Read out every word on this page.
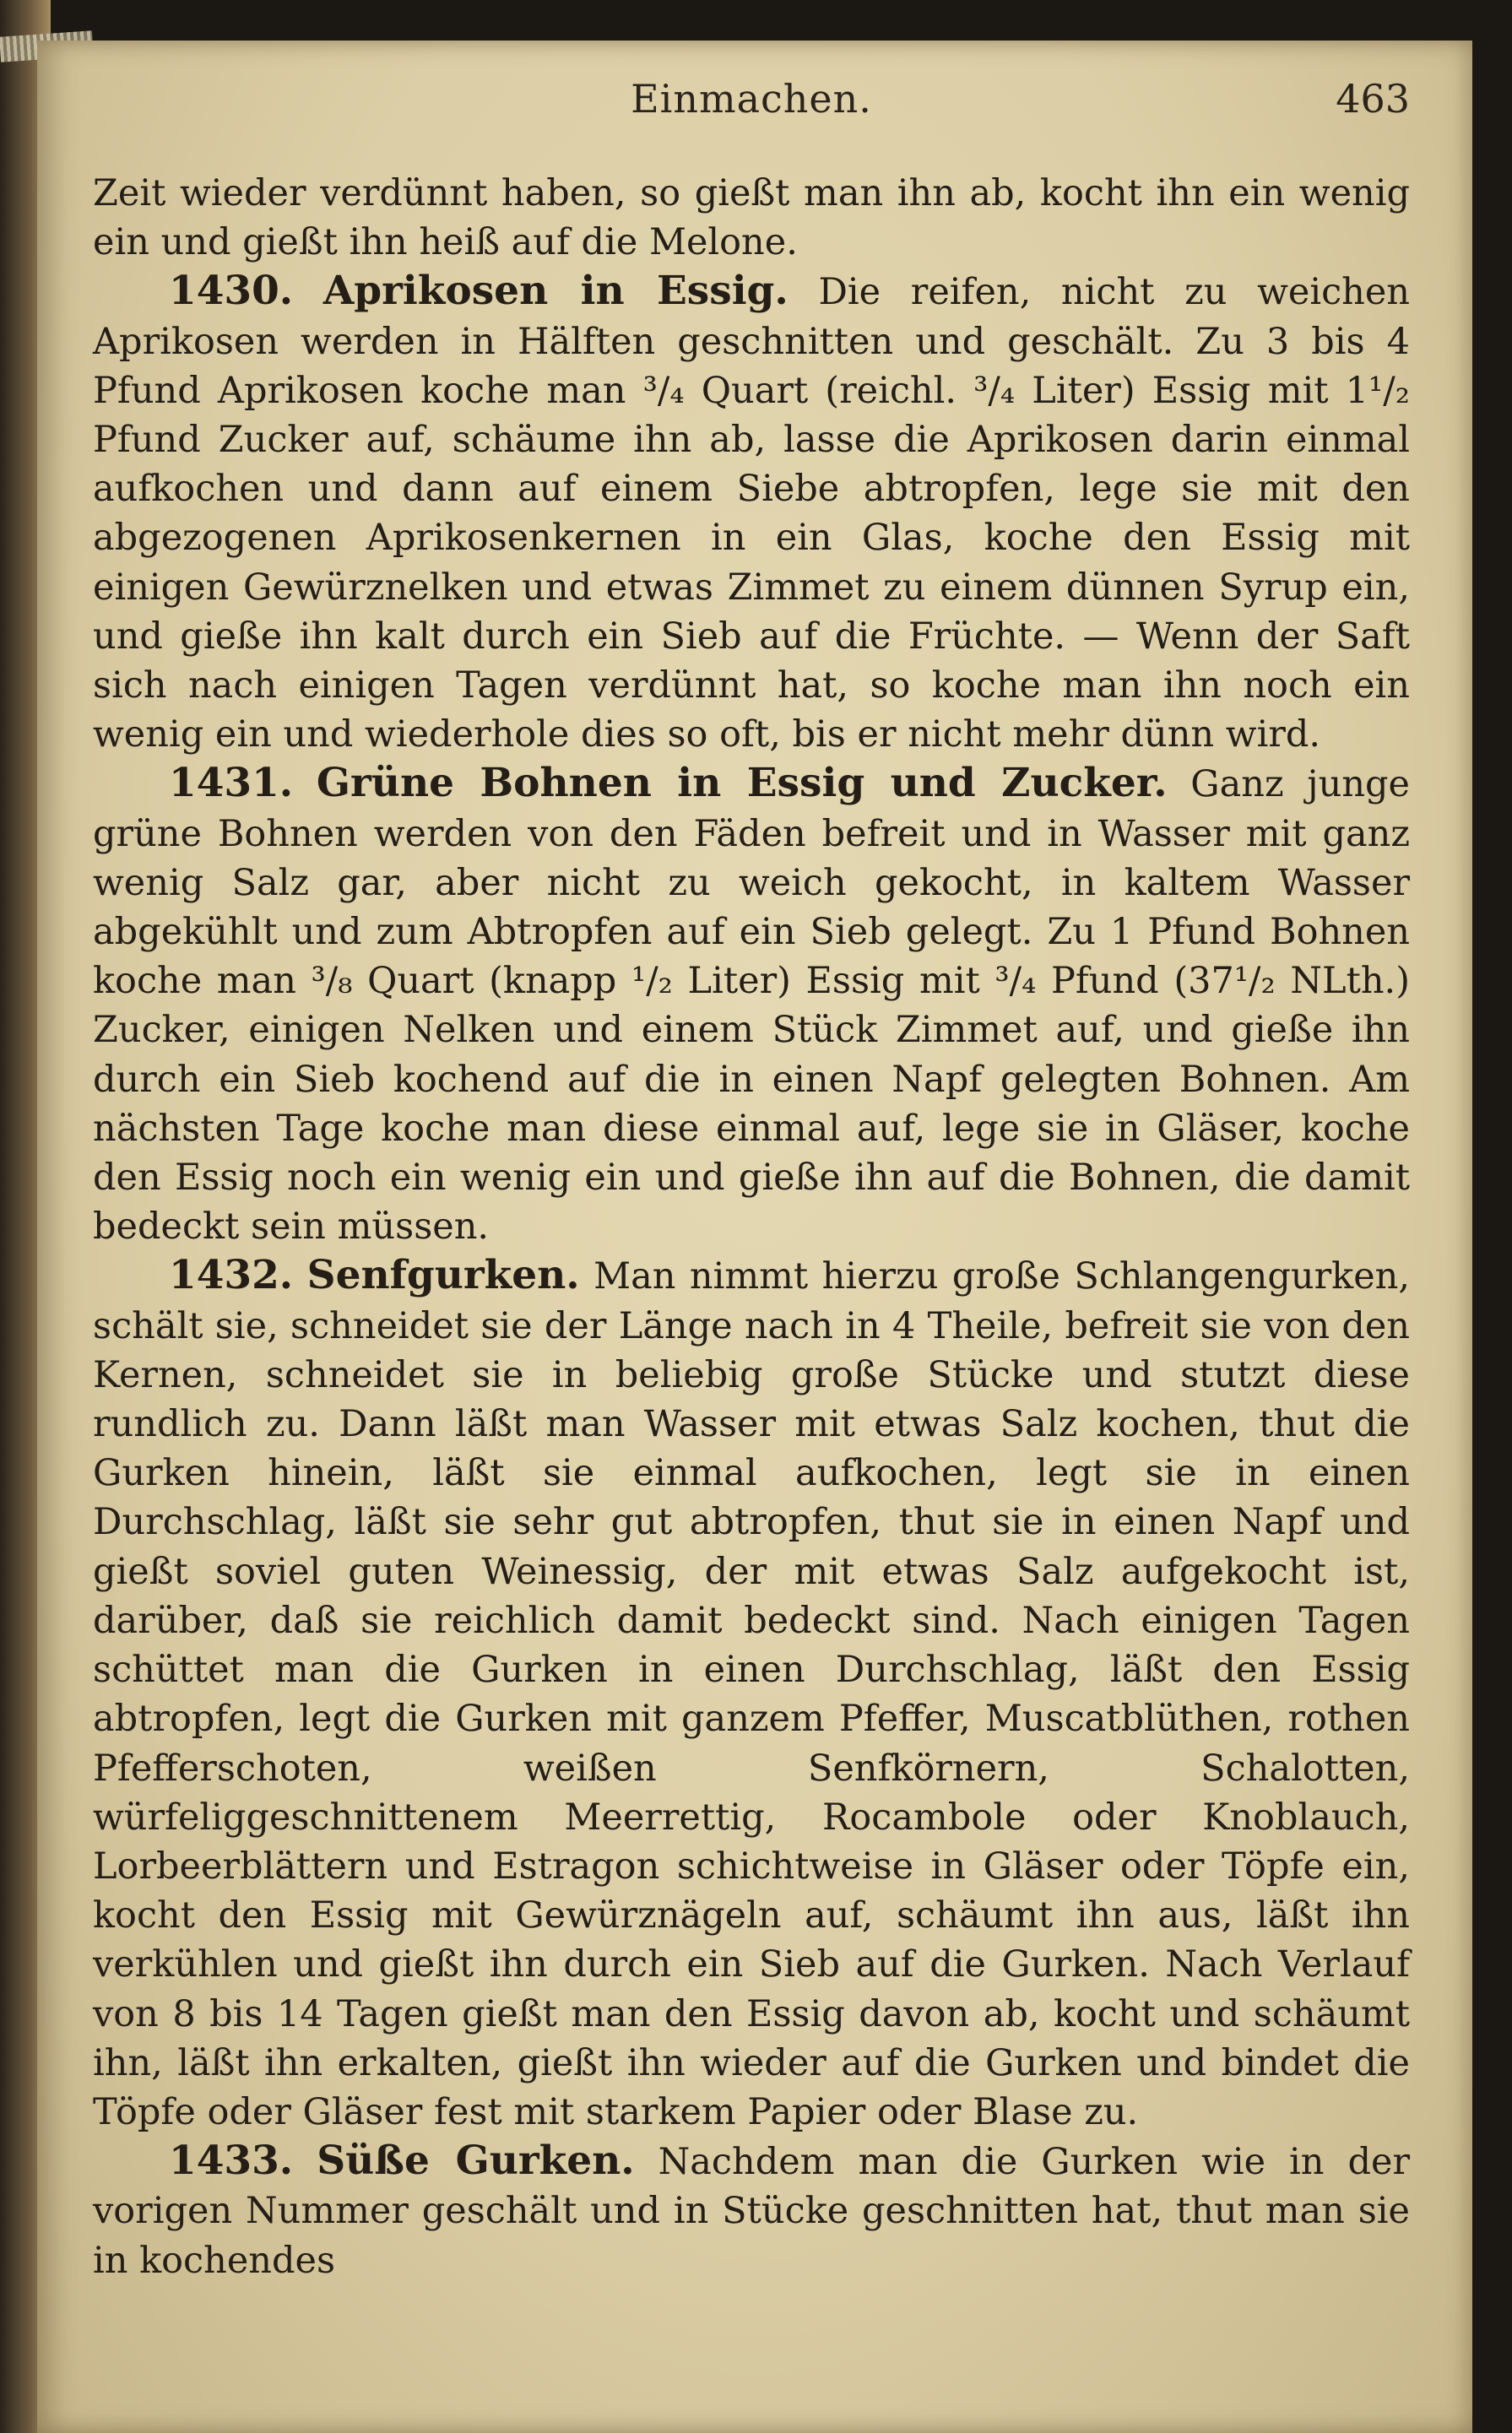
Einmachen.	463

Zeit wieder verdünnt haben, so gießt man ihn ab, kocht ihn ein wenig ein und gießt ihn heiß auf die Melone.

1430. Aprikosen in Essig. Die reifen, nicht zu weichen Aprikosen werden in Hälften geschnitten und geschält. Zu 3 bis 4 Pfund Aprikosen koche man ³/₄ Quart (reichl. ³/₄ Liter) Essig mit 1¹/₂ Pfund Zucker auf, schäume ihn ab, lasse die Aprikosen darin einmal aufkochen und dann auf einem Siebe abtropfen, lege sie mit den abgezogenen Aprikosenkernen in ein Glas, koche den Essig mit einigen Gewürznelken und etwas Zimmet zu einem dünnen Syrup ein, und gieße ihn kalt durch ein Sieb auf die Früchte. — Wenn der Saft sich nach einigen Tagen verdünnt hat, so koche man ihn noch ein wenig ein und wiederhole dies so oft, bis er nicht mehr dünn wird.

1431. Grüne Bohnen in Essig und Zucker. Ganz junge grüne Bohnen werden von den Fäden befreit und in Wasser mit ganz wenig Salz gar, aber nicht zu weich gekocht, in kaltem Wasser abgekühlt und zum Abtropfen auf ein Sieb gelegt. Zu 1 Pfund Bohnen koche man ³/₈ Quart (knapp ¹/₂ Liter) Essig mit ³/₄ Pfund (37¹/₂ NLth.) Zucker, einigen Nelken und einem Stück Zimmet auf, und gieße ihn durch ein Sieb kochend auf die in einen Napf gelegten Bohnen. Am nächsten Tage koche man diese einmal auf, lege sie in Gläser, koche den Essig noch ein wenig ein und gieße ihn auf die Bohnen, die damit bedeckt sein müssen.

1432. Senfgurken. Man nimmt hierzu große Schlangengurken, schält sie, schneidet sie der Länge nach in 4 Theile, befreit sie von den Kernen, schneidet sie in beliebig große Stücke und stutzt diese rundlich zu. Dann läßt man Wasser mit etwas Salz kochen, thut die Gurken hinein, läßt sie einmal aufkochen, legt sie in einen Durchschlag, läßt sie sehr gut abtropfen, thut sie in einen Napf und gießt soviel guten Weinessig, der mit etwas Salz aufgekocht ist, darüber, daß sie reichlich damit bedeckt sind. Nach einigen Tagen schüttet man die Gurken in einen Durchschlag, läßt den Essig abtropfen, legt die Gurken mit ganzem Pfeffer, Muscatblüthen, rothen Pfefferschoten, weißen Senfkörnern, Schalotten, würfeliggeschnittenem Meerrettig, Rocambole oder Knoblauch, Lorbeerblättern und Estragon schichtweise in Gläser oder Töpfe ein, kocht den Essig mit Gewürznägeln auf, schäumt ihn aus, läßt ihn verkühlen und gießt ihn durch ein Sieb auf die Gurken. Nach Verlauf von 8 bis 14 Tagen gießt man den Essig davon ab, kocht und schäumt ihn, läßt ihn erkalten, gießt ihn wieder auf die Gurken und bindet die Töpfe oder Gläser fest mit starkem Papier oder Blase zu.

1433. Süße Gurken. Nachdem man die Gurken wie in der vorigen Nummer geschält und in Stücke geschnitten hat, thut man sie in kochendes
